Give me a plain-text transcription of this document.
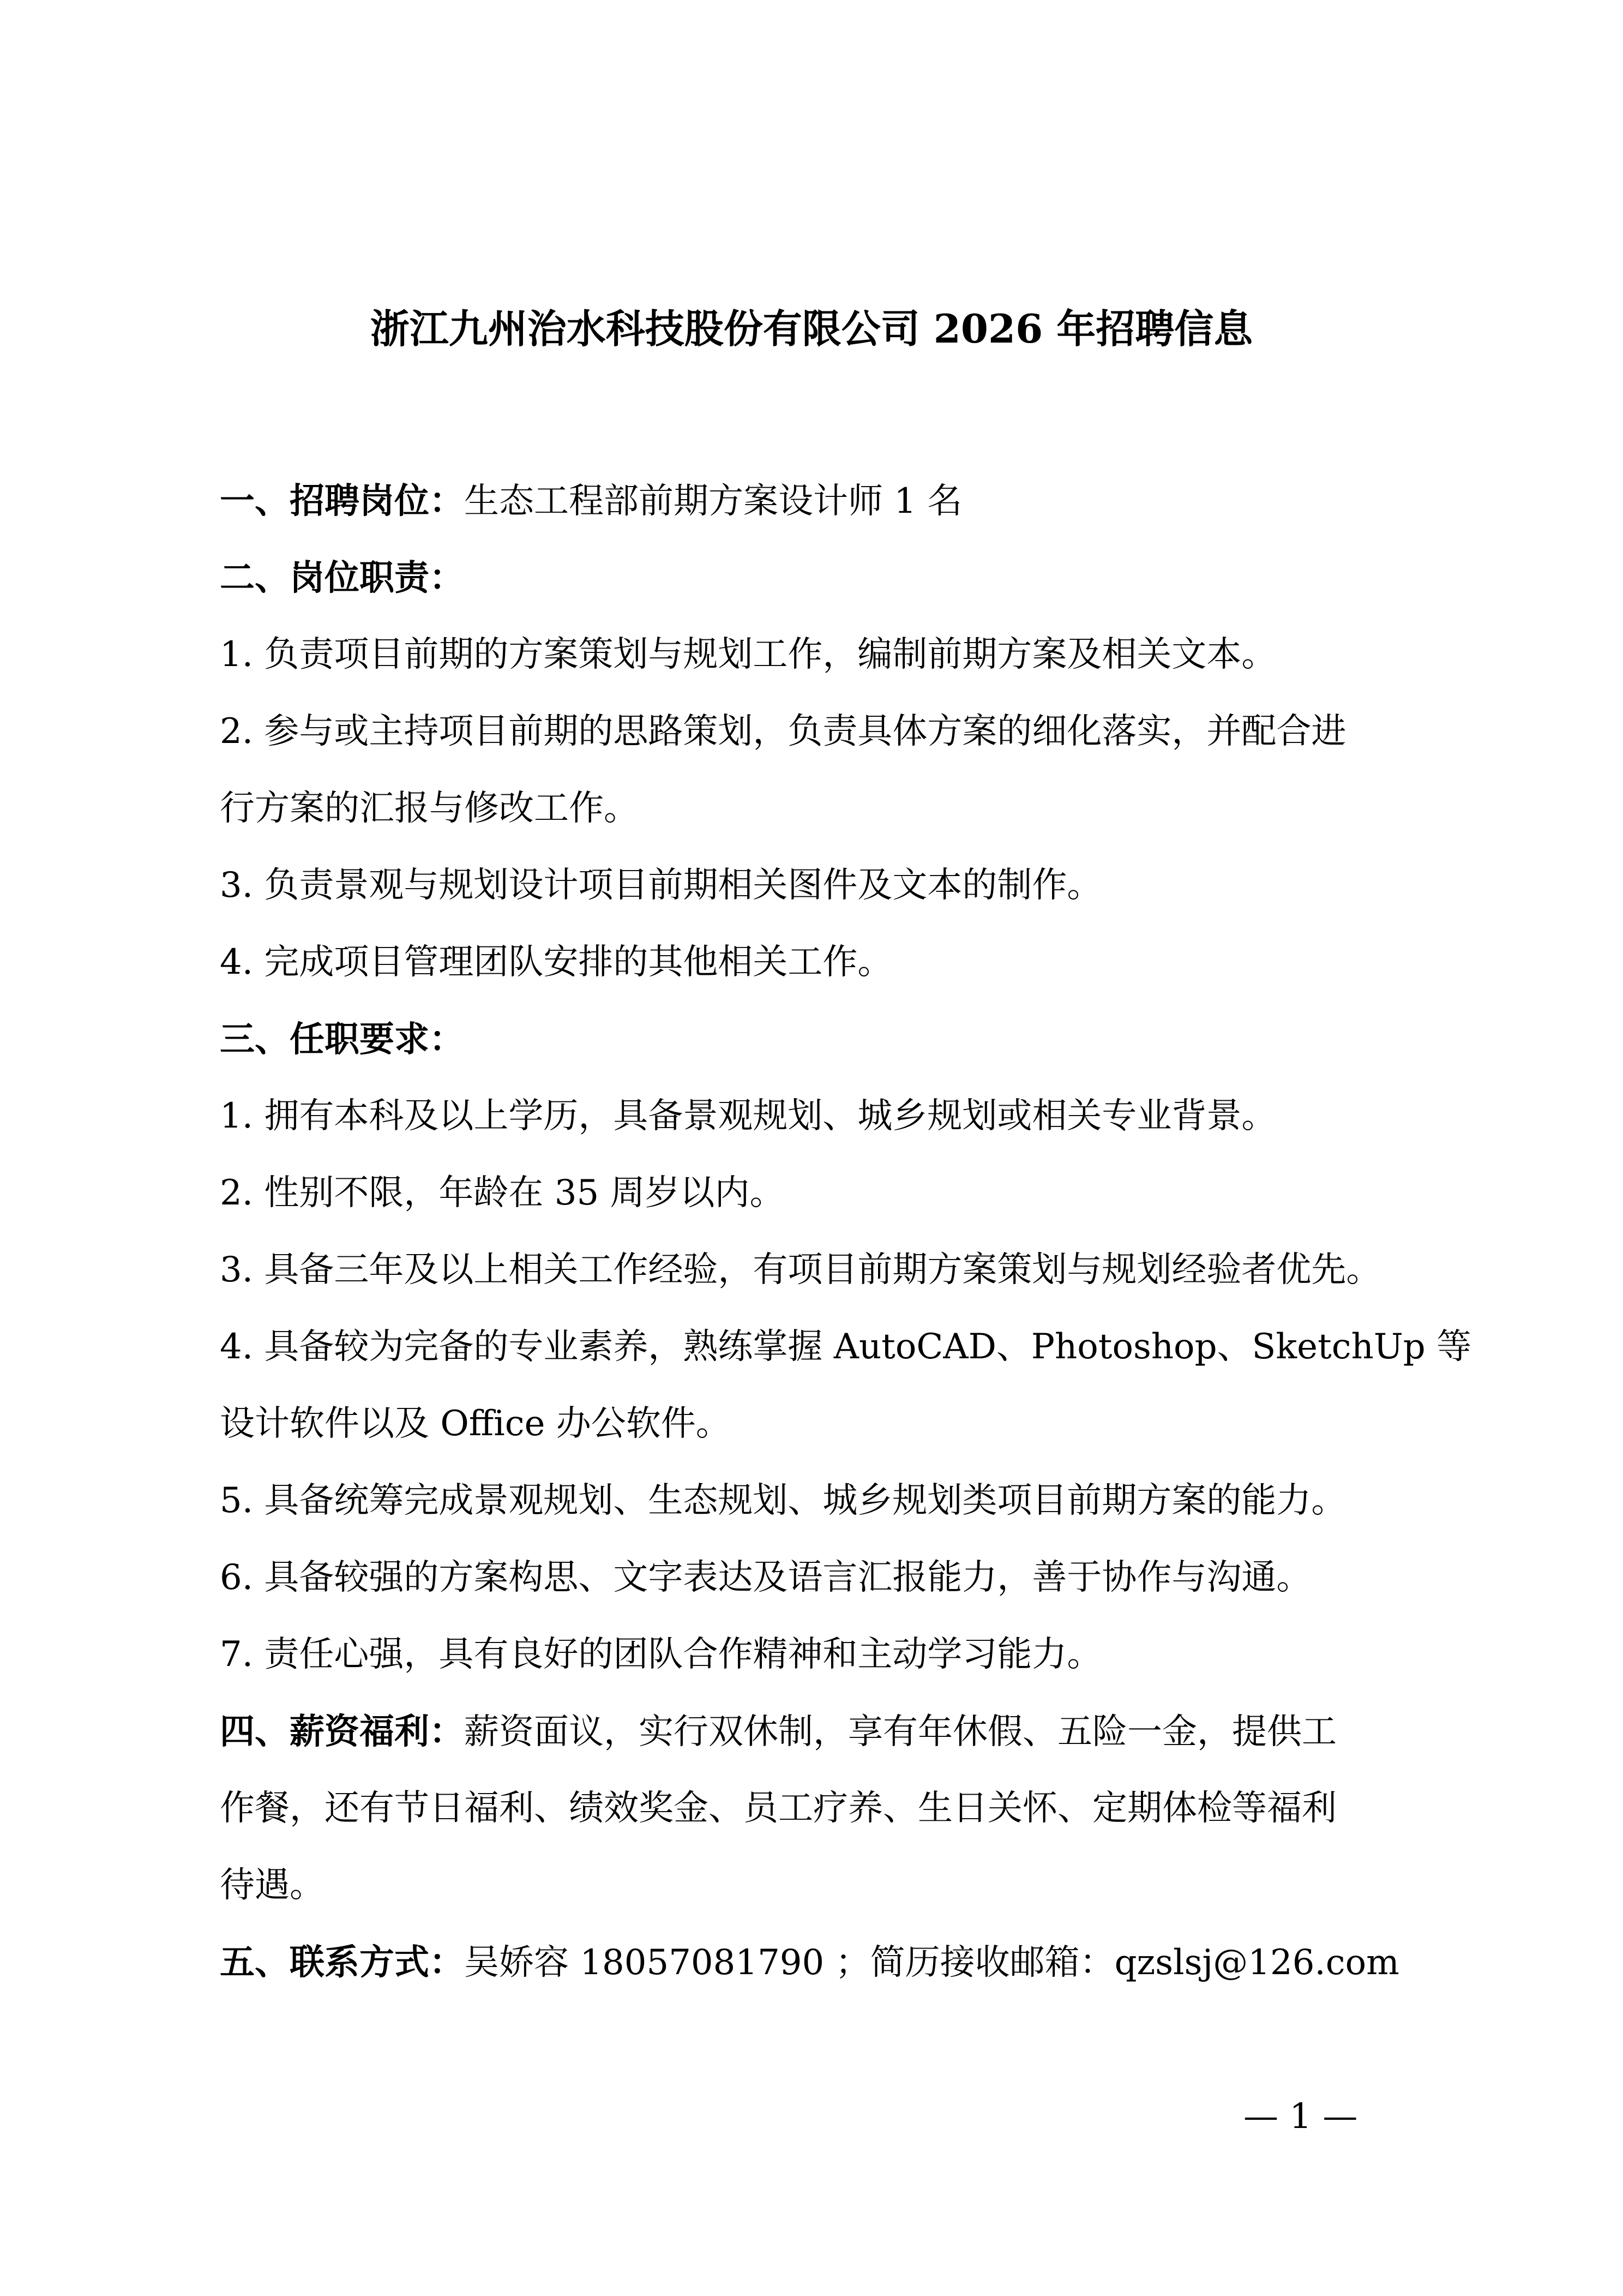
浙江九州治水科技股份有限公司 2026 年招聘信息

一、招聘岗位：生态工程部前期方案设计师 1 名

二、岗位职责：

1. 负责项目前期的方案策划与规划工作，编制前期方案及相关文本。

2. 参与或主持项目前期的思路策划，负责具体方案的细化落实，并配合进

行方案的汇报与修改工作。

3. 负责景观与规划设计项目前期相关图件及文本的制作。

4. 完成项目管理团队安排的其他相关工作。

三、任职要求：

1. 拥有本科及以上学历，具备景观规划、城乡规划或相关专业背景。

2. 性别不限，年龄在 35 周岁以内。

3. 具备三年及以上相关工作经验，有项目前期方案策划与规划经验者优先。

4. 具备较为完备的专业素养，熟练掌握 AutoCAD、Photoshop、SketchUp 等

设计软件以及 Office 办公软件。

5. 具备统筹完成景观规划、生态规划、城乡规划类项目前期方案的能力。

6. 具备较强的方案构思、文字表达及语言汇报能力，善于协作与沟通。

7. 责任心强，具有良好的团队合作精神和主动学习能力。

四、薪资福利：薪资面议，实行双休制，享有年休假、五险一金，提供工

作餐，还有节日福利、绩效奖金、员工疗养、生日关怀、定期体检等福利

待遇。

五、联系方式：吴娇容 18057081790 ；简历接收邮箱：qzslsj@126.com

— 1 —
